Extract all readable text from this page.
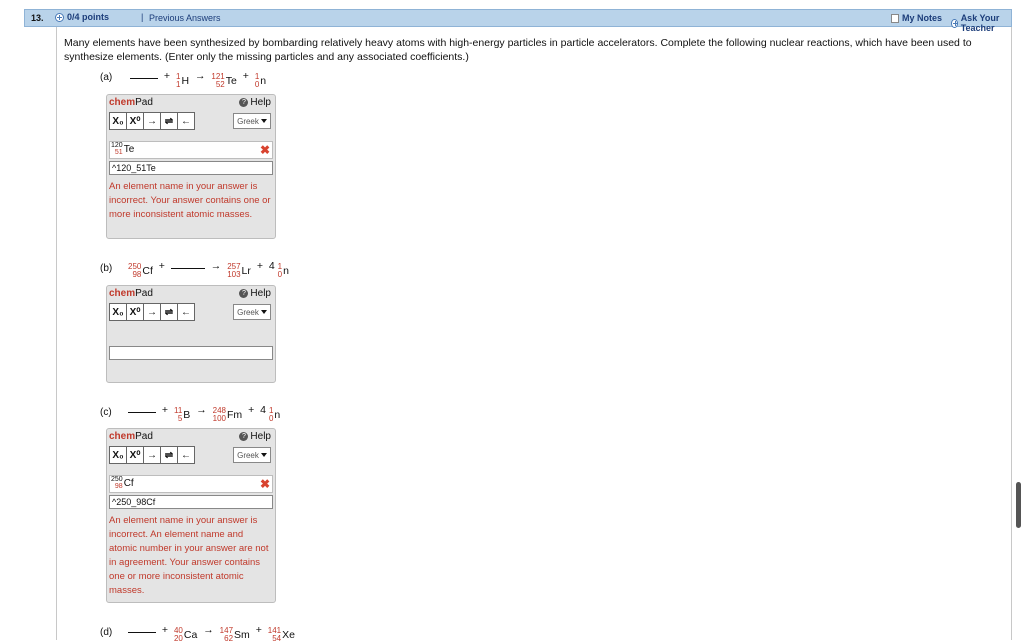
13.	0/4 points	| Previous Answers	My Notes Ask Your Teacher
Many elements have been synthesized by bombarding relatively heavy atoms with high-energy particles in particle accelerators. Complete the following nuclear reactions, which have been used to synthesize elements. (Enter only the missing particles and any associated coefficients.)
(a)	+ 1
1 H → 121
52 Te + 1
0 n
chemPad	? Help
X₀ X⁰ → ⇌ ←	Greek
120
51 Te	✖
^120_51Te
An element name in your answer is incorrect. Your answer contains one or more inconsistent atomic masses.
(b) 250
98 Cf +	→ 257
103 Lr + 4 1
0 n
chemPad	? Help
X₀ X⁰ → ⇌ ←	Greek
(c)	+ 11
5 B → 248
100 Fm + 4 1
0 n
chemPad	? Help
X₀ X⁰ → ⇌ ←	Greek
250
98 Cf	✖
^250_98Cf
An element name in your answer is incorrect. An element name and atomic number in your answer are not in agreement. Your answer contains one or more inconsistent atomic masses.
(d)	+ 40
20 Ca → 147
62 Sm + 141
54 Xe
